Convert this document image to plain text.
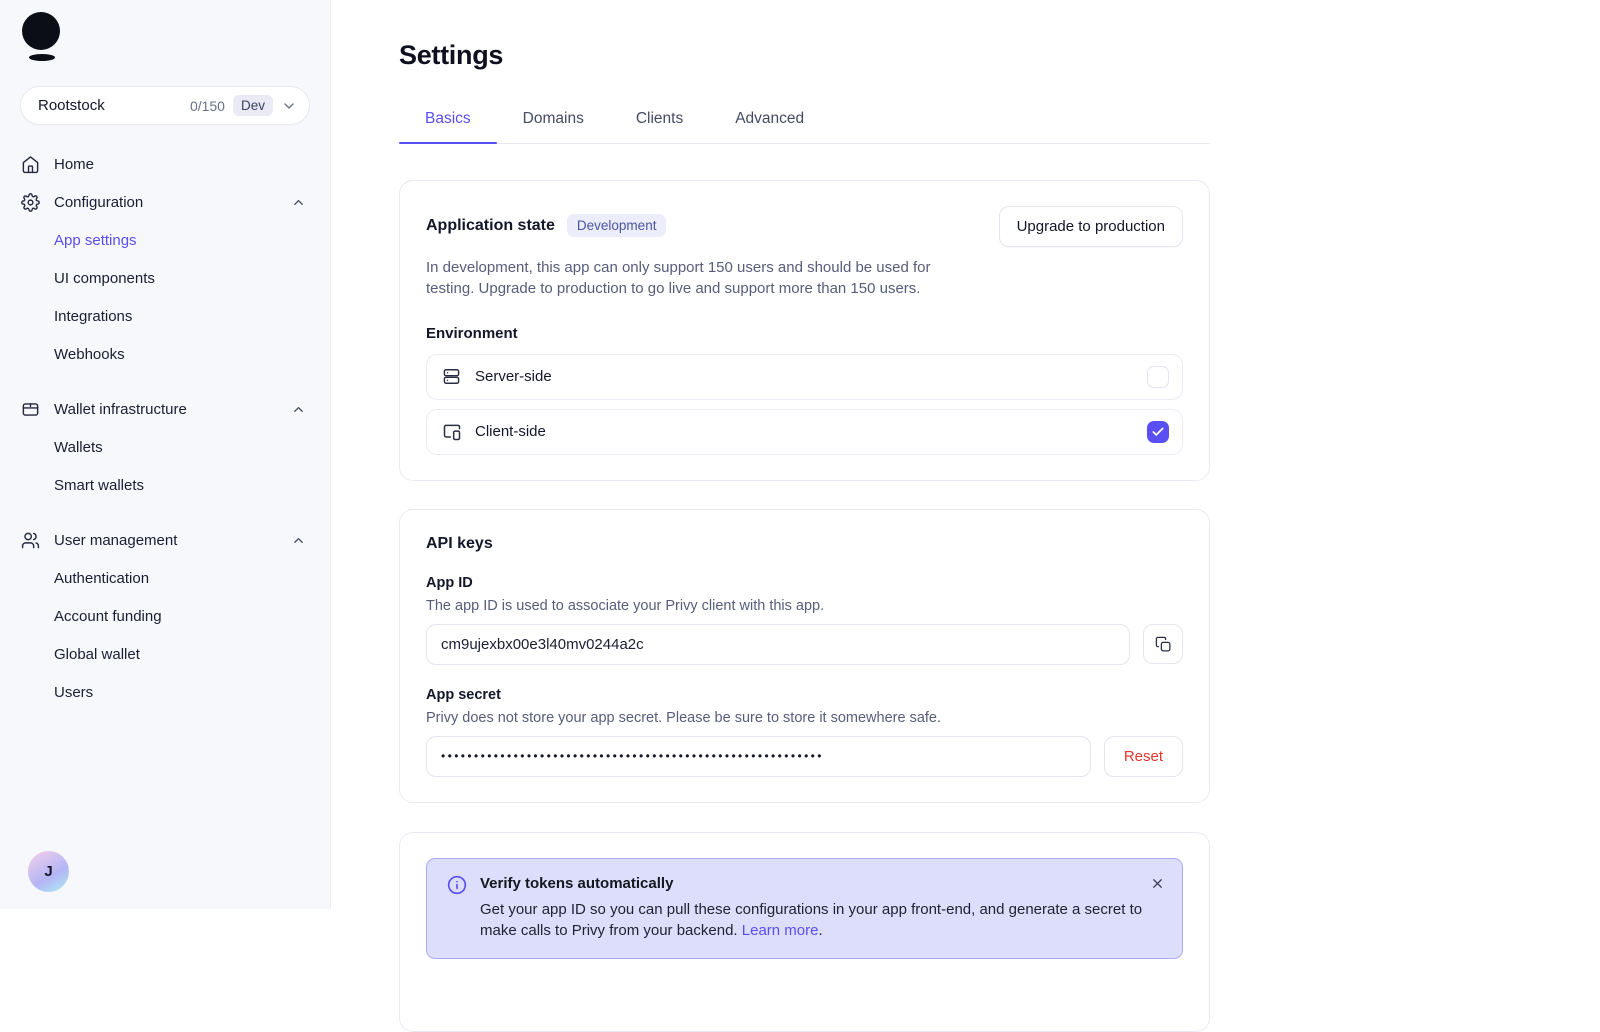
Rootstock	0/150	Dev
Home
Configuration
App settings
UI components
Integrations
Webhooks
Wallet infrastructure
Wallets
Smart wallets
User management
Authentication
Account funding
Global wallet
Users
J
Settings
Basics	Domains	Clients	Advanced
Application state	Development	Upgrade to production

In development, this app can only support 150 users and should be used for testing. Upgrade to production to go live and support more than 150 users.

Environment
Server-side
Client-side
API keys
App ID
The app ID is used to associate your Privy client with this app.
cm9ujexbx00e3l40mv0244a2c
App secret
Privy does not store your app secret. Please be sure to store it somewhere safe.
••••••••••••••••••••••••••••••••••••••••••••••••••••••••••
Reset
Verify tokens automatically
Get your app ID so you can pull these configurations in your app front-end, and generate a secret to make calls to Privy from your backend. Learn more.
